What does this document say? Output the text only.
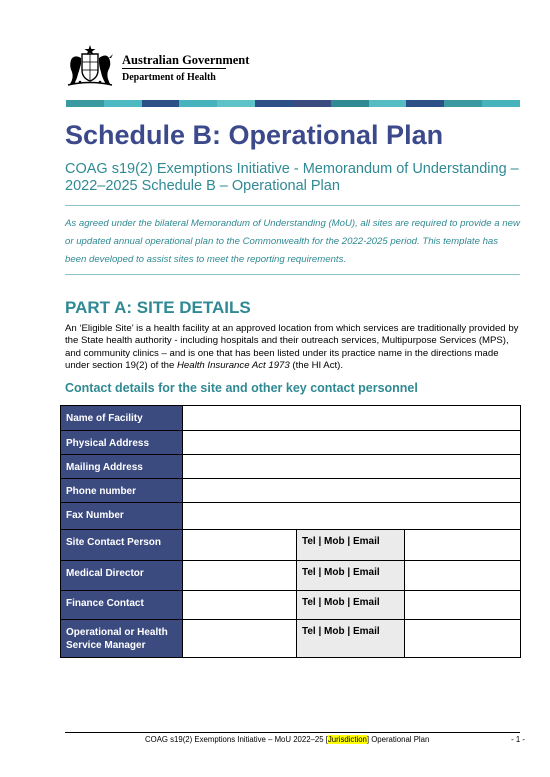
Australian Government
Department of Health
Schedule B: Operational Plan
COAG s19(2) Exemptions Initiative - Memorandum of Understanding – 2022–2025 Schedule B – Operational Plan

As agreed under the bilateral Memorandum of Understanding (MoU), all sites are required to provide a new or updated annual operational plan to the Commonwealth for the 2022-2025 period. This template has been developed to assist sites to meet the reporting requirements.

PART A: SITE DETAILS

An ‘Eligible Site’ is a health facility at an approved location from which services are traditionally provided by the State health authority - including hospitals and their outreach services, Multipurpose Services (MPS), and community clinics – and is one that has been listed under its practice name in the directions made under section 19(2) of the Health Insurance Act 1973 (the HI Act).

Contact details for the site and other key contact personnel
Name of Facility			
Physical Address			
Mailing Address			
Phone number			
Fax Number			
Site Contact Person		Tel | Mob | Email	
Medical Director		Tel | Mob | Email	
Finance Contact		Tel | Mob | Email	
Operational or Health Service Manager		Tel | Mob | Email	
COAG s19(2) Exemptions Initiative – MoU 2022–25 [Jurisdiction] Operational Plan	- 1 -
